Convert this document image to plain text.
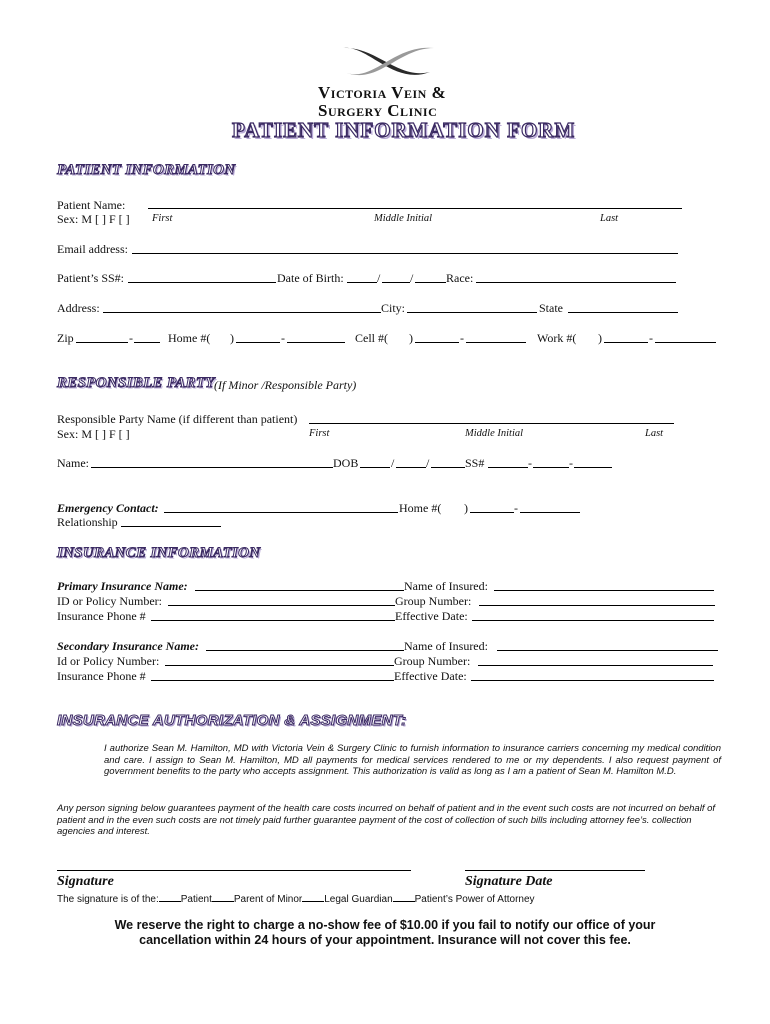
Victoria Vein &
Surgery Clinic
PATIENT INFORMATION FORM
PATIENT INFORMATION
Patient Name:
Sex: M [ ] F [ ] First	Middle Initial	Last
Email address:
Patient’s SS#:	Date of Birth:	/ /	Race:
Address:	City:	State
Zip	-	Home #( )	-	Cell #( )	-	Work #( )	-
RESPONSIBLE PARTY (If Minor /Responsible Party)
Responsible Party Name (if different than patient)
Sex: M [ ] F [ ]	First	Middle Initial	Last
Name:	DOB	/	/	SS#	-	-
Emergency Contact:	Home #( )	-
Relationship
INSURANCE INFORMATION
Primary Insurance Name:	Name of Insured:
ID or Policy Number:	Group Number:
Insurance Phone #	Effective Date:
Secondary Insurance Name:	Name of Insured:
Id or Policy Number:	Group Number:
Insurance Phone #	Effective Date:
INSURANCE AUTHORIZATION & ASSIGNMENT:
I authorize Sean M. Hamilton, MD with Victoria Vein & Surgery Clinic to furnish information to insurance carriers concerning my medical condition and care. I assign to Sean M. Hamilton, MD all payments for medical services rendered to me or my dependents. I also request payment of government benefits to the party who accepts assignment. This authorization is valid as long as I am a patient of Sean M. Hamilton M.D.
Any person signing below guarantees payment of the health care costs incurred on behalf of patient and in the event such costs are not incurred on behalf of patient and in the even such costs are not timely paid further guarantee payment of the cost of collection of such bills including attorney fee’s. collection agencies and interest.
Signature	Signature Date
The signature is of the: Patient Parent of Minor Legal Guardian Patient’s Power of Attorney
We reserve the right to charge a no-show fee of $10.00 if you fail to notify our office of your
cancellation within 24 hours of your appointment. Insurance will not cover this fee.
